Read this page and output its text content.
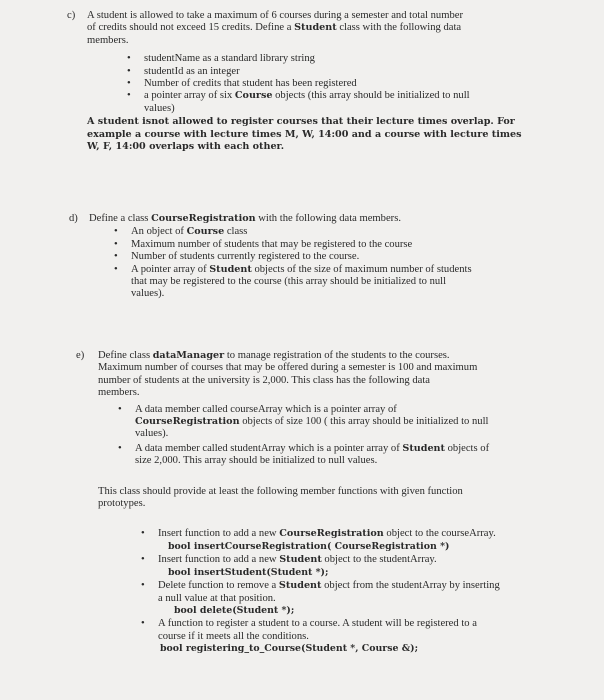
c) A student is allowed to take a maximum of 6 courses during a semester and total number

of credits should not exceed 15 credits. Define a Student class with the following data

members.

• studentName as a standard library string
• studentId as an integer
• Number of credits that student has been registered
• a pointer array of six Course objects (this array should be initialized to null
values)

A student isnot allowed to register courses that their lecture times overlap. For

example a course with lecture times M, W, 14:00 and a course with lecture times

W, F, 14:00 overlaps with each other.

d) Define a class CourseRegistration with the following data members.

• An object of Course class
• Maximum number of students that may be registered to the course
• Number of students currently registered to the course.
• A pointer array of Student objects of the size of maximum number of students
that may be registered to the course (this array should be initialized to null
values).
e) Define class dataManager to manage registration of the students to the courses.

Maximum number of courses that may be offered during a semester is 100 and maximum

number of students at the university is 2,000. This class has the following data

members.

• A data member called courseArray which is a pointer array of
CourseRegistration objects of size 100 ( this array should be initialized to null
values).
• A data member called studentArray which is a pointer array of Student objects of
size 2,000. This array should be initialized to null values.

This class should provide at least the following member functions with given function

prototypes.

• Insert function to add a new CourseRegistration object to the courseArray.
bool insertCourseRegistration( CourseRegistration *)
• Insert function to add a new Student object to the studentArray.
bool insertStudent(Student *);
• Delete function to remove a Student object from the studentArray by inserting
a null value at that position.
bool delete(Student *);
• A function to register a student to a course. A student will be registered to a
course if it meets all the conditions.
bool registering_to_Course(Student *, Course &);
